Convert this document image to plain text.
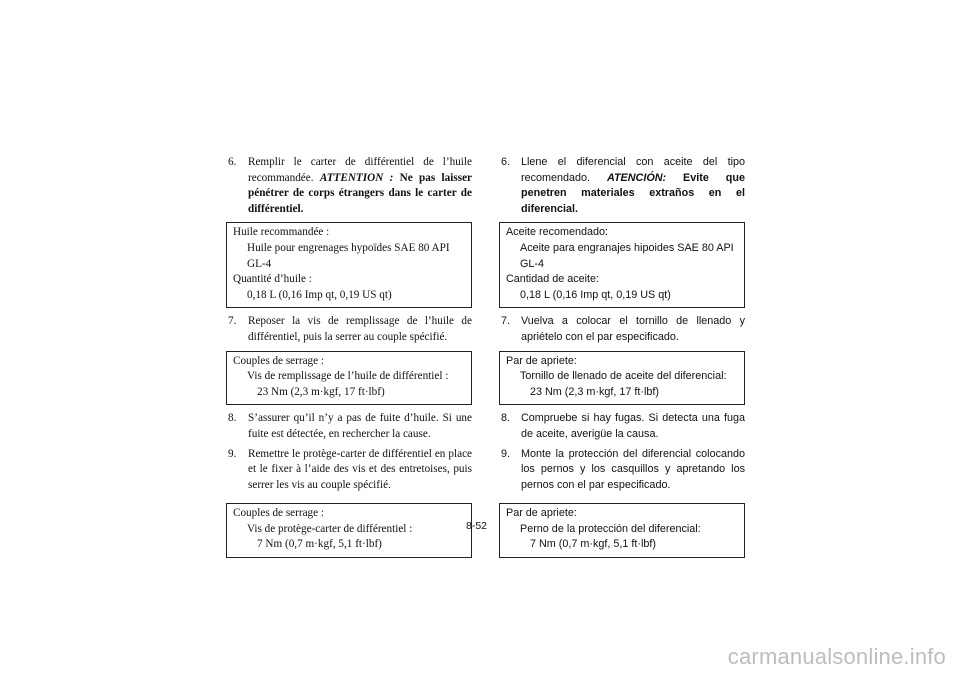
6.	Remplir le carter de différentiel de l’huile recommandée. ATTENTION : Ne pas laisser pénétrer de corps étrangers dans le carter de différentiel.
Huile recommandée :
Huile pour engrenages hypoïdes SAE 80 API GL-4
Quantité d’huile :
0,18 L (0,16 Imp qt, 0,19 US qt)
7.	Reposer la vis de remplissage de l’huile de différentiel, puis la serrer au couple spécifié.
Couples de serrage :
Vis de remplissage de l’huile de différentiel :
23 Nm (2,3 m·kgf, 17 ft·lbf)
8.	S’assurer qu’il n’y a pas de fuite d’huile. Si une fuite est détectée, en rechercher la cause.
9.	Remettre le protège-carter de différentiel en place et le fixer à l’aide des vis et des entretoises, puis serrer les vis au couple spécifié.
Couples de serrage :
Vis de protège-carter de différentiel :
7 Nm (0,7 m·kgf, 5,1 ft·lbf)
6.	Llene el diferencial con aceite del tipo recomendado. ATENCIÓN: Evite que penetren materiales extraños en el diferencial.
Aceite recomendado:
Aceite para engranajes hipoides SAE 80 API GL-4
Cantidad de aceite:
0,18 L (0,16 Imp qt, 0,19 US qt)
7.	Vuelva a colocar el tornillo de llenado y apriételo con el par especificado.
Par de apriete:
Tornillo de llenado de aceite del diferencial:
23 Nm (2,3 m·kgf, 17 ft·lbf)
8.	Compruebe si hay fugas. Si detecta una fuga de aceite, averigüe la causa.
9.	Monte la protección del diferencial colocando los pernos y los casquillos y apretando los pernos con el par especificado.
Par de apriete:
Perno de la protección del diferencial:
7 Nm (0,7 m·kgf, 5,1 ft·lbf)
8-52
carmanualsonline.info
